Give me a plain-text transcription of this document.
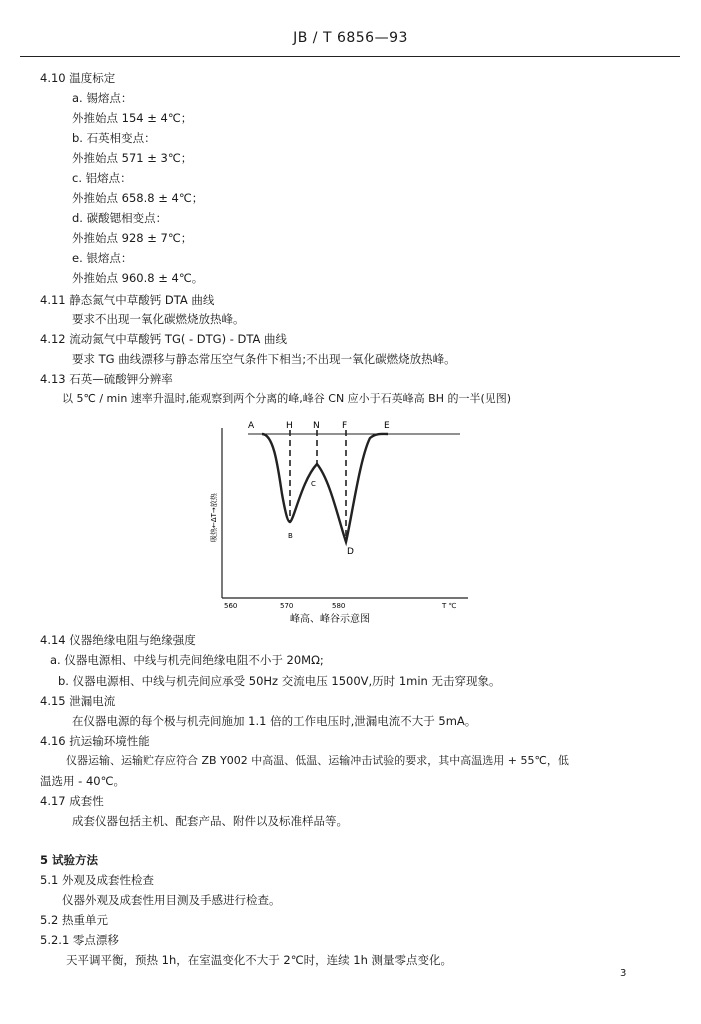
JB / T 6856—93
4.10 温度标定
a. 锡熔点：
外推始点 154 ± 4℃；
b. 石英相变点：
外推始点 571 ± 3℃；
c. 铝熔点：
外推始点 658.8 ± 4℃；
d. 碳酸锶相变点：
外推始点 928 ± 7℃；
e. 银熔点：
外推始点 960.8 ± 4℃。
4.11 静态氮气中草酸钙 DTA 曲线
要求不出现一氧化碳燃烧放热峰。
4.12 流动氮气中草酸钙 TG( - DTG) - DTA 曲线
要求 TG 曲线漂移与静态常压空气条件下相当;不出现一氧化碳燃烧放热峰。
4.13 石英—硫酸钾分辨率
以 5℃ / min 速率升温时,能观察到两个分离的峰,峰谷 CN 应小于石英峰高 BH 的一半(见图)
A	H N F	E
B
C
D
吸热←ΔT→放热
560	570	580	T ℃
峰高、峰谷示意图
4.14 仪器绝缘电阻与绝缘强度
a. 仪器电源相、中线与机壳间绝缘电阻不小于 20MΩ;
b. 仪器电源相、中线与机壳间应承受 50Hz 交流电压 1500V,历时 1min 无击穿现象。
4.15 泄漏电流
在仪器电源的每个极与机壳间施加 1.1 倍的工作电压时,泄漏电流不大于 5mA。
4.16 抗运输环境性能
仪器运输、运输贮存应符合 ZB Y002 中高温、低温、运输冲击试验的要求，其中高温选用 + 55℃，低
温选用 - 40℃。
4.17 成套性
成套仪器包括主机、配套产品、附件以及标准样品等。
5 试验方法
5.1 外观及成套性检查
仪器外观及成套性用目测及手感进行检查。
5.2 热重单元
5.2.1 零点漂移
天平调平衡，预热 1h，在室温变化不大于 2℃时，连续 1h 测量零点变化。
3
